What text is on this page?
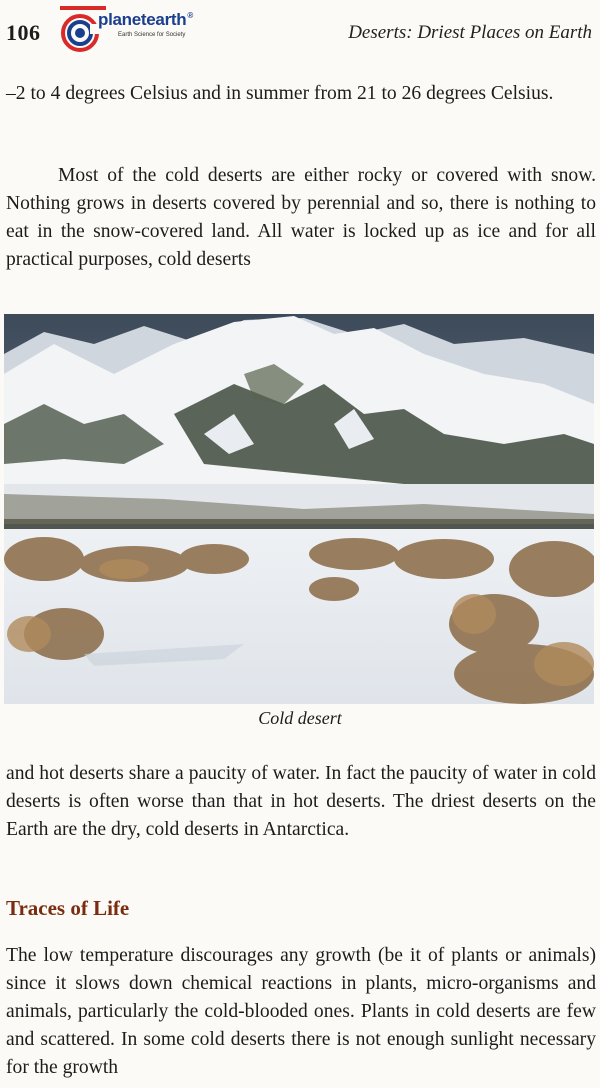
106
planetearth®
Earth Science for Society	Deserts: Driest Places on Earth

–2 to 4 degrees Celsius and in summer from 21 to 26 degrees Celsius.

Most of the cold deserts are either rocky or covered with snow. Nothing grows in deserts covered by perennial and so, there is nothing to eat in the snow-covered land. All water is locked up as ice and for all practical purposes, cold deserts

Cold desert

and hot deserts share a paucity of water. In fact the paucity of water in cold deserts is often worse than that in hot deserts. The driest deserts on the Earth are the dry, cold deserts in Antarctica.

Traces of Life

The low temperature discourages any growth (be it of plants or animals) since it slows down chemical reactions in plants, micro-organisms and animals, particularly the cold-blooded ones. Plants in cold deserts are few and scattered. In some cold deserts there is not enough sunlight necessary for the growth
